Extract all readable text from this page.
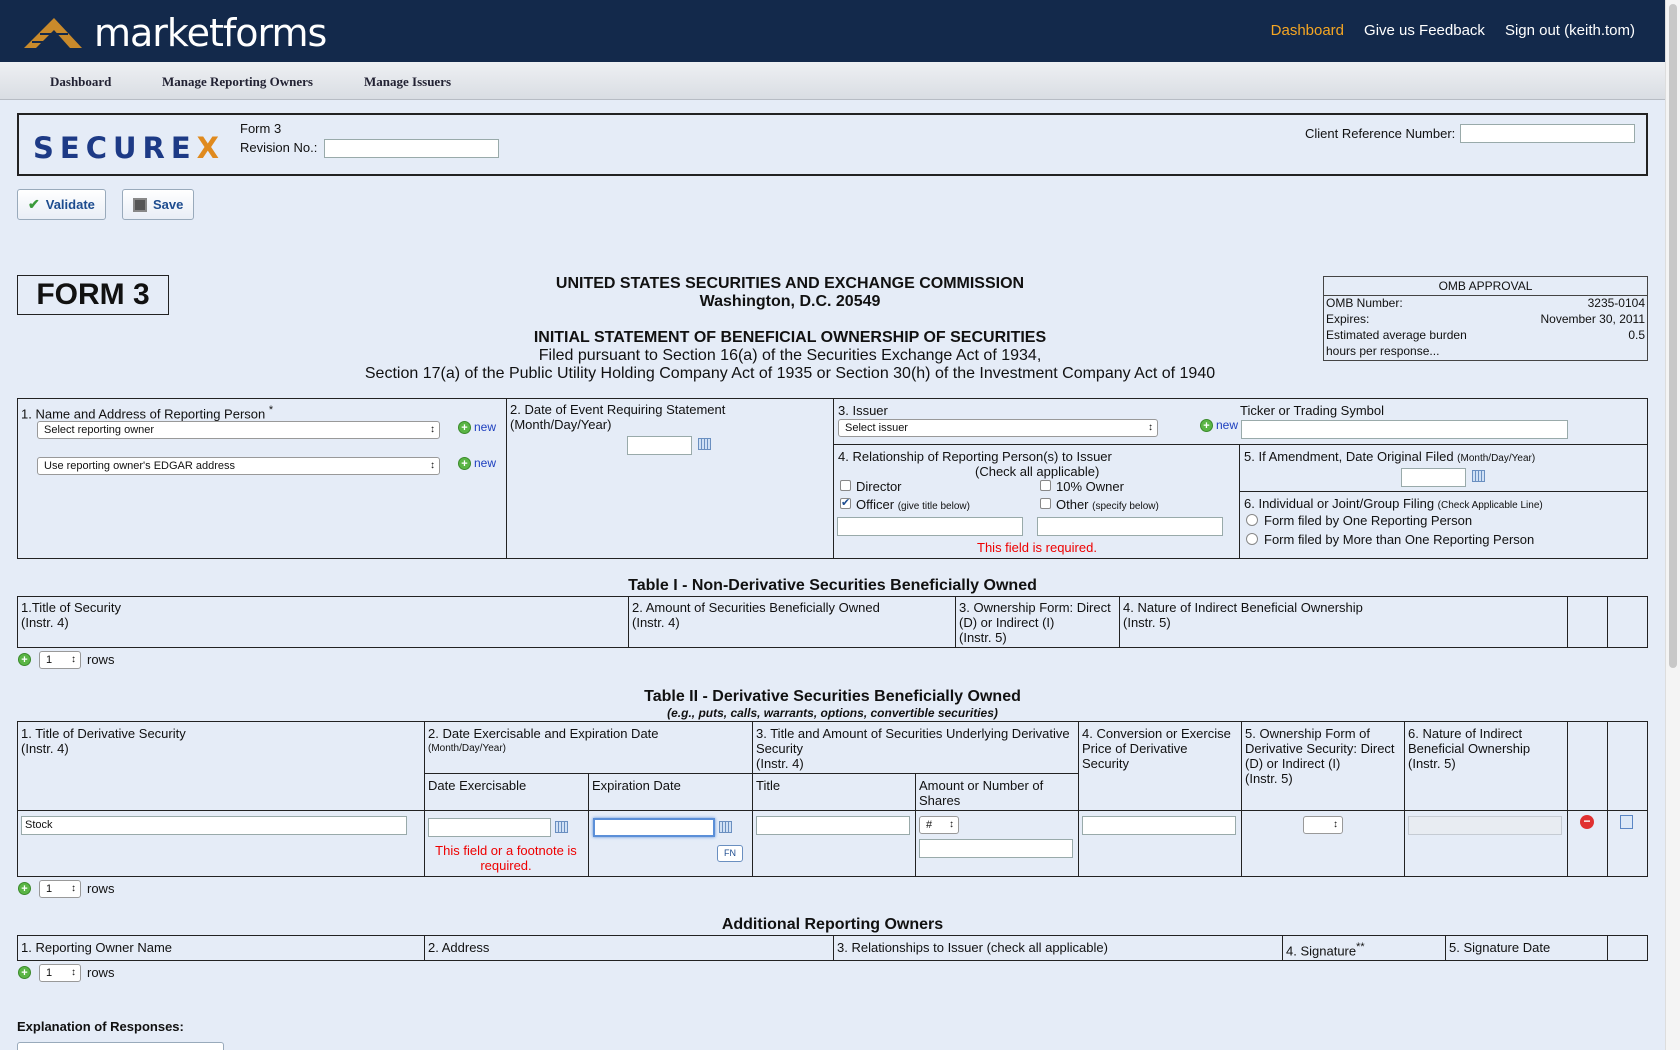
marketforms	Dashboard Give us Feedback Sign out (keith.tom)
Dashboard	Manage Reporting Owners	Manage Issuers
SECUREX
Form 3
Revision No.:
Client Reference Number:
✔ Validate	Save
FORM 3	UNITED STATES SECURITIES AND EXCHANGE COMMISSION
Washington, D.C. 20549
INITIAL STATEMENT OF BENEFICIAL OWNERSHIP OF SECURITIES
Filed pursuant to Section 16(a) of the Securities Exchange Act of 1934,
Section 17(a) of the Public Utility Holding Company Act of 1935 or Section 30(h) of the Investment Company Act of 1940
OMB APPROVAL
OMB Number:	3235-0104
Expires:	November 30, 2011
Estimated average burden	0.5
hours per response...
1. Name and Address of Reporting Person *
Select reporting owner ↕	+ new
Use reporting owner's EDGAR address ↕	+ new
2. Date of Event Requiring Statement
(Month/Day/Year)
3. Issuer
Select issuer ↕	+ new
Ticker or Trading Symbol
4. Relationship of Reporting Person(s) to Issuer
(Check all applicable)
Director	10% Owner
✔ Officer (give title below)	Other (specify below)
This field is required.
5. If Amendment, Date Original Filed (Month/Day/Year)
6. Individual or Joint/Group Filing (Check Applicable Line)
Form filed by One Reporting Person
Form filed by More than One Reporting Person
Table I - Non-Derivative Securities Beneficially Owned
1.Title of Security
(Instr. 4)
2. Amount of Securities Beneficially Owned
(Instr. 4)
3. Ownership Form: Direct
(D) or Indirect (I)
(Instr. 5)
4. Nature of Indirect Beneficial Ownership
(Instr. 5)
+	1 ↕	rows
Table II - Derivative Securities Beneficially Owned
(e.g., puts, calls, warrants, options, convertible securities)
1. Title of Derivative Security
(Instr. 4)
2. Date Exercisable and Expiration Date
(Month/Day/Year)
Date Exercisable	Expiration Date
3. Title and Amount of Securities Underlying Derivative
Security
(Instr. 4)
Title	Amount or Number of
Shares
4. Conversion or Exercise
Price of Derivative
Security
5. Ownership Form of
Derivative Security: Direct
(D) or Indirect (I)
(Instr. 5)
6. Nature of Indirect
Beneficial Ownership
(Instr. 5)
Stock
This field or a footnote is
required.
FN
# ↕
↕	−
+	1 ↕	rows
Additional Reporting Owners
1. Reporting Owner Name	2. Address	3. Relationships to Issuer (check all applicable)	4. Signature**	5. Signature Date
+	1 ↕	rows
Explanation of Responses:
